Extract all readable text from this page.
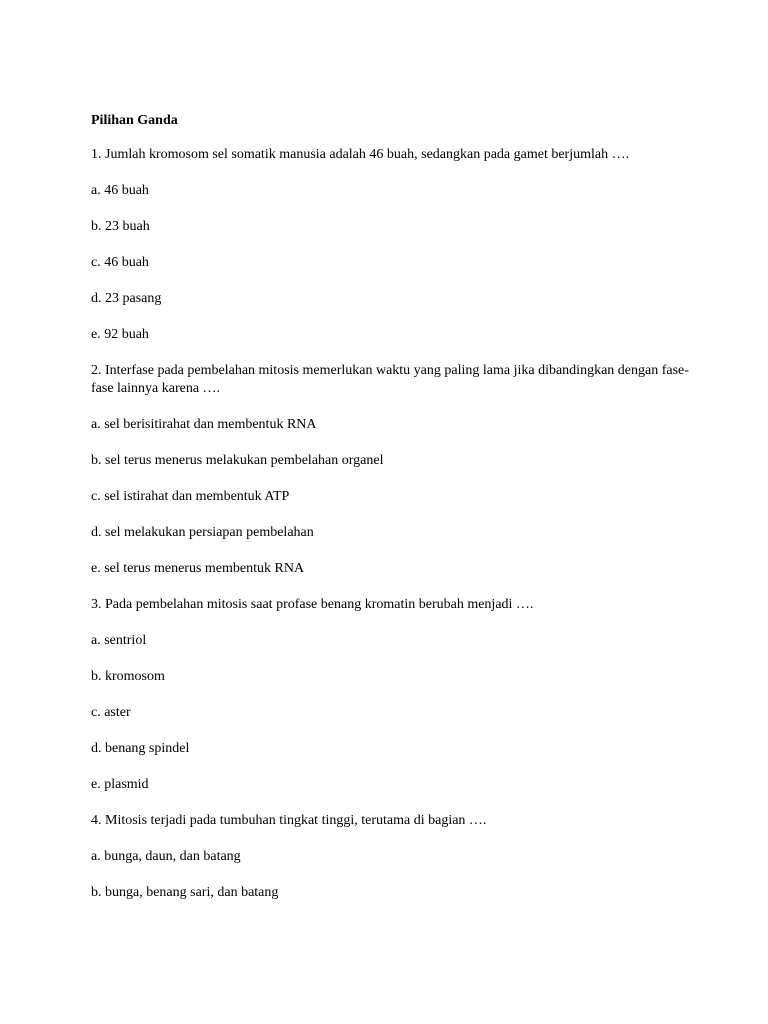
Pilihan Ganda

1. Jumlah kromosom sel somatik manusia adalah 46 buah, sedangkan pada gamet berjumlah ….

a. 46 buah

b. 23 buah

c. 46 buah

d. 23 pasang

e. 92 buah

2. Interfase pada pembelahan mitosis memerlukan waktu yang paling lama jika dibandingkan dengan fase-fase lainnya karena ….

a. sel berisitirahat dan membentuk RNA

b. sel terus menerus melakukan pembelahan organel

c. sel istirahat dan membentuk ATP

d. sel melakukan persiapan pembelahan

e. sel terus menerus membentuk RNA

3. Pada pembelahan mitosis saat profase benang kromatin berubah menjadi ….

a. sentriol

b. kromosom

c. aster

d. benang spindel

e. plasmid

4. Mitosis terjadi pada tumbuhan tingkat tinggi, terutama di bagian ….

a. bunga, daun, dan batang

b. bunga, benang sari, dan batang
